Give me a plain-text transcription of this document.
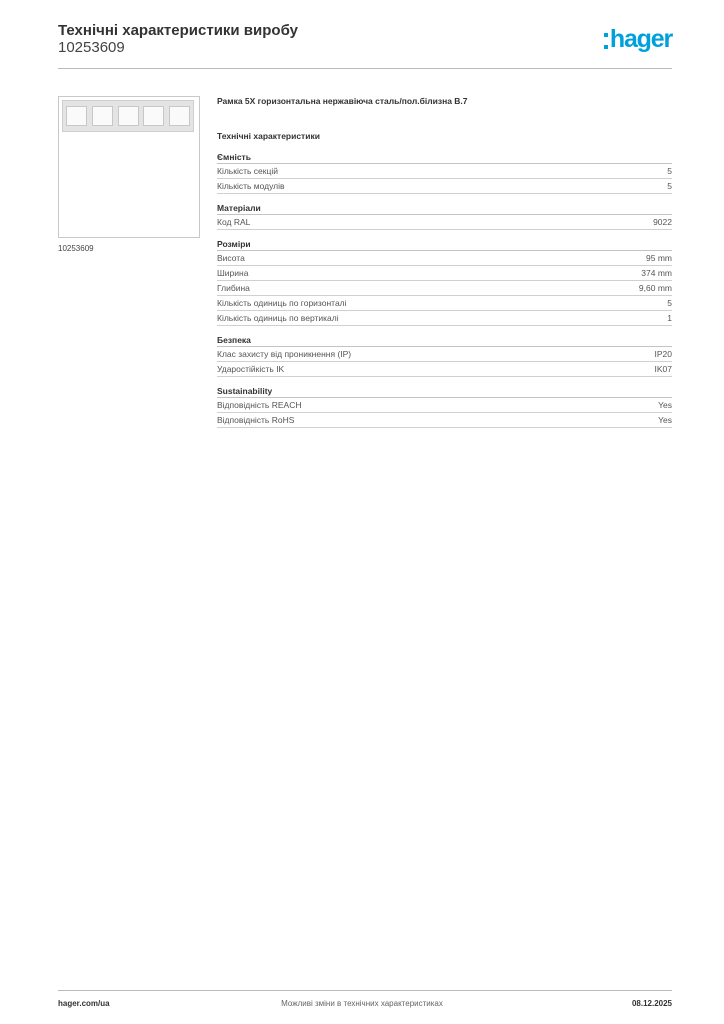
Технічні характеристики виробу
10253609	hager
10253609
Рамка 5X горизонтальна нержавіюча сталь/пол.білизна B.7
Технічні характеристики
Ємність
Кількість секцій	5
Кількість модулів	5
Матеріали
Код RAL	9022
Розміри
Висота	95 mm
Ширина	374 mm
Глибина	9,60 mm
Кількість одиниць по горизонталі	5
Кількість одиниць по вертикалі	1
Безпека
Клас захисту від проникнення (IP)	IP20
Ударостійкість IK	IK07
Sustainability
Відповідність REACH	Yes
Відповідність RoHS	Yes
hager.com/ua	Можливі зміни в технічних характеристиках	08.12.2025
